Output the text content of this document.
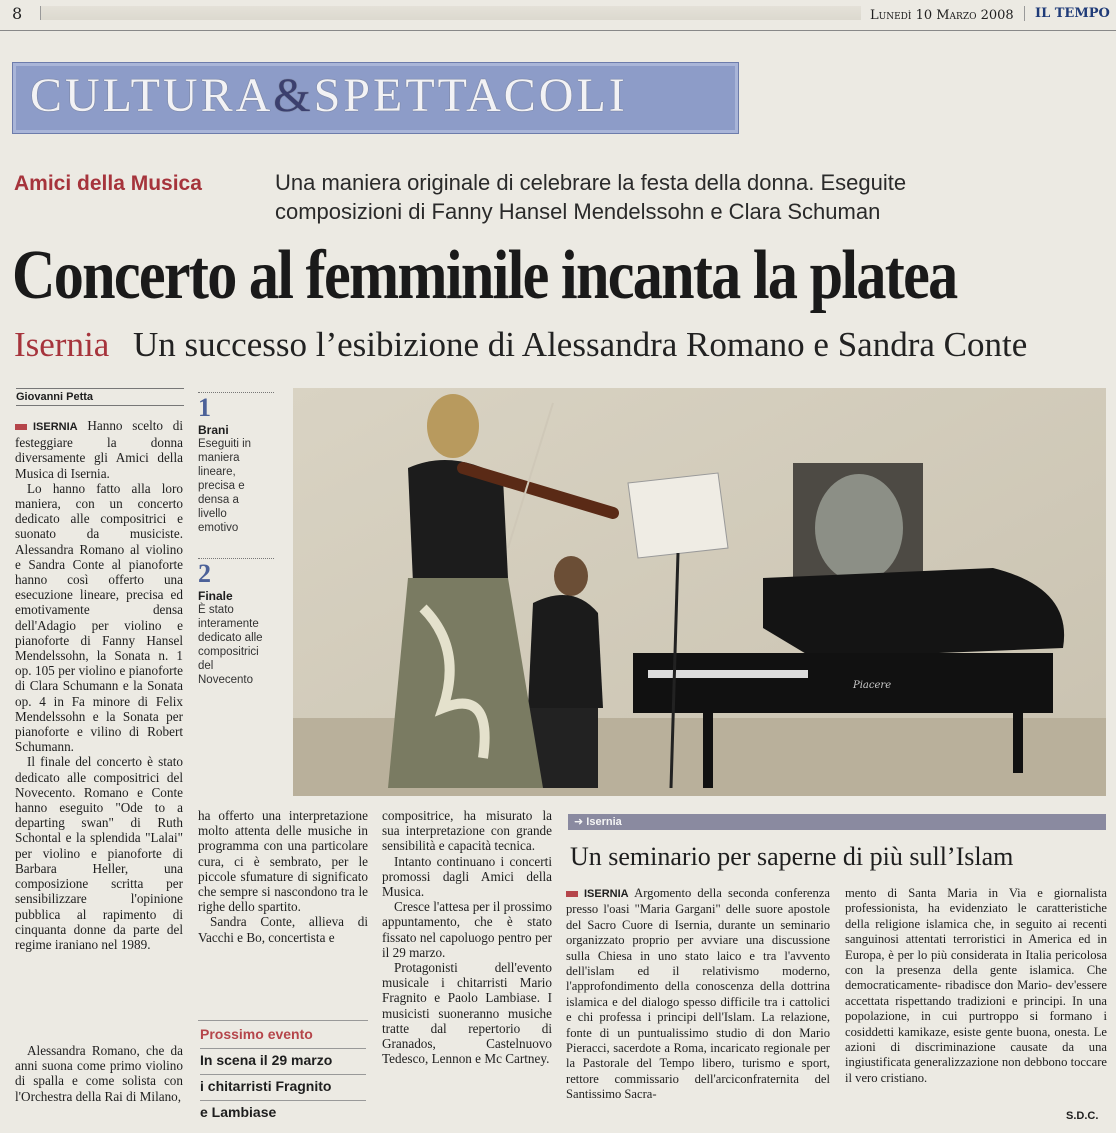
8	Lunedì 10 Marzo 2008	IL TEMPO
CULTURA&SPETTACOLI
Amici della Musica	Una maniera originale di celebrare la festa della donna. Eseguite composizioni di Fanny Hansel Mendelssohn e Clara Schuman
Concerto al femminile incanta la platea
Isernia Un successo l’esibizione di Alessandra Romano e Sandra Conte
Giovanni Petta

ISERNIA Hanno scelto di festeggiare la donna diversamente gli Amici della Musica di Isernia.

Lo hanno fatto alla loro maniera, con un concerto dedicato alle compositrici e suonato da musiciste. Alessandra Romano al violino e Sandra Conte al pianoforte hanno così offerto una esecuzione lineare, precisa ed emotivamente densa dell'Adagio per violino e pianoforte di Fanny Hansel Mendelssohn, la Sonata n. 1 op. 105 per violino e pianoforte di Clara Schumann e la Sonata op. 4 in Fa minore di Felix Mendelssohn e la Sonata per pianoforte e vilino di Robert Schumann.

Il finale del concerto è stato dedicato alle compositrici del Novecento. Romano e Conte hanno eseguito "Ode to a departing swan" di Ruth Schontal e la splendida "Lalai" per violino e pianoforte di Barbara Heller, una composizione scritta per sensibilizzare l'opinione pubblica al rapimento di cinquanta donne da parte del regime iraniano nel 1989.

Alessandra Romano, che da anni suona come primo violino di spalla e come solista con l'Orchestra della Rai di Milano,

1
Brani
Eseguiti in maniera lineare, precisa e densa a livello emotivo
2
Finale
È stato interamente dedicato alle compositrici del Novecento	Piacere

ha offerto una interpretazione molto attenta delle musiche in programma con una particolare cura, ci è sembrato, per le piccole sfumature di significato che sempre si nascondono tra le righe dello spartito.

Sandra Conte, allieva di Vacchi e Bo, concertista e

Prossimo evento
In scena il 29 marzo
i chitarristi Fragnito
e Lambiase

compositrice, ha misurato la sua interpretazione con grande sensibilità e capacità tecnica.

Intanto continuano i concerti promossi dagli Amici della Musica.

Cresce l'attesa per il prossimo appuntamento, che è stato fissato nel capoluogo pentro per il 29 marzo.

Protagonisti dell'evento musicale i chitarristi Mario Fragnito e Paolo Lambiase. I musicisti suoneranno musiche tratte dal repertorio di Granados, Castelnuovo Tedesco, Lennon e Mc Cartney.

➜ Isernia
Un seminario per saperne di più sull’Islam
ISERNIA Argomento della seconda conferenza presso l'oasi "Maria Gargani" delle suore apostole del Sacro Cuore di Isernia, durante un seminario organizzato proprio per avviare una discussione sulla Chiesa in uno stato laico e tra l'avvento dell'islam ed il relativismo moderno, l'approfondimento della conoscenza della dottrina islamica e del dialogo spesso difficile tra i cattolici e chi professa i principi dell'Islam. La relazione, fonte di un puntualissimo studio di don Mario Pieracci, sacerdote a Roma, incaricato regionale per la Pastorale del Tempo libero, turismo e sport, rettore commissario dell'arciconfraternita del Santissimo Sacra-
mento di Santa Maria in Via e giornalista professionista, ha evidenziato le caratteristiche della religione islamica che, in seguito ai recenti sanguinosi attentati terroristici in America ed in Europa, è per lo più considerata in Italia pericolosa con la presenza della gente islamica. Che democraticamente- ribadisce don Mario- dev'essere accettata rispettando tradizioni e principi. In una popolazione, in cui purtroppo si formano i cosiddetti kamikaze, esiste gente buona, onesta. Le azioni di discriminazione causate da una ingiustificata generalizzazione non debbono toccare il vero cristiano.
S.D.C.
